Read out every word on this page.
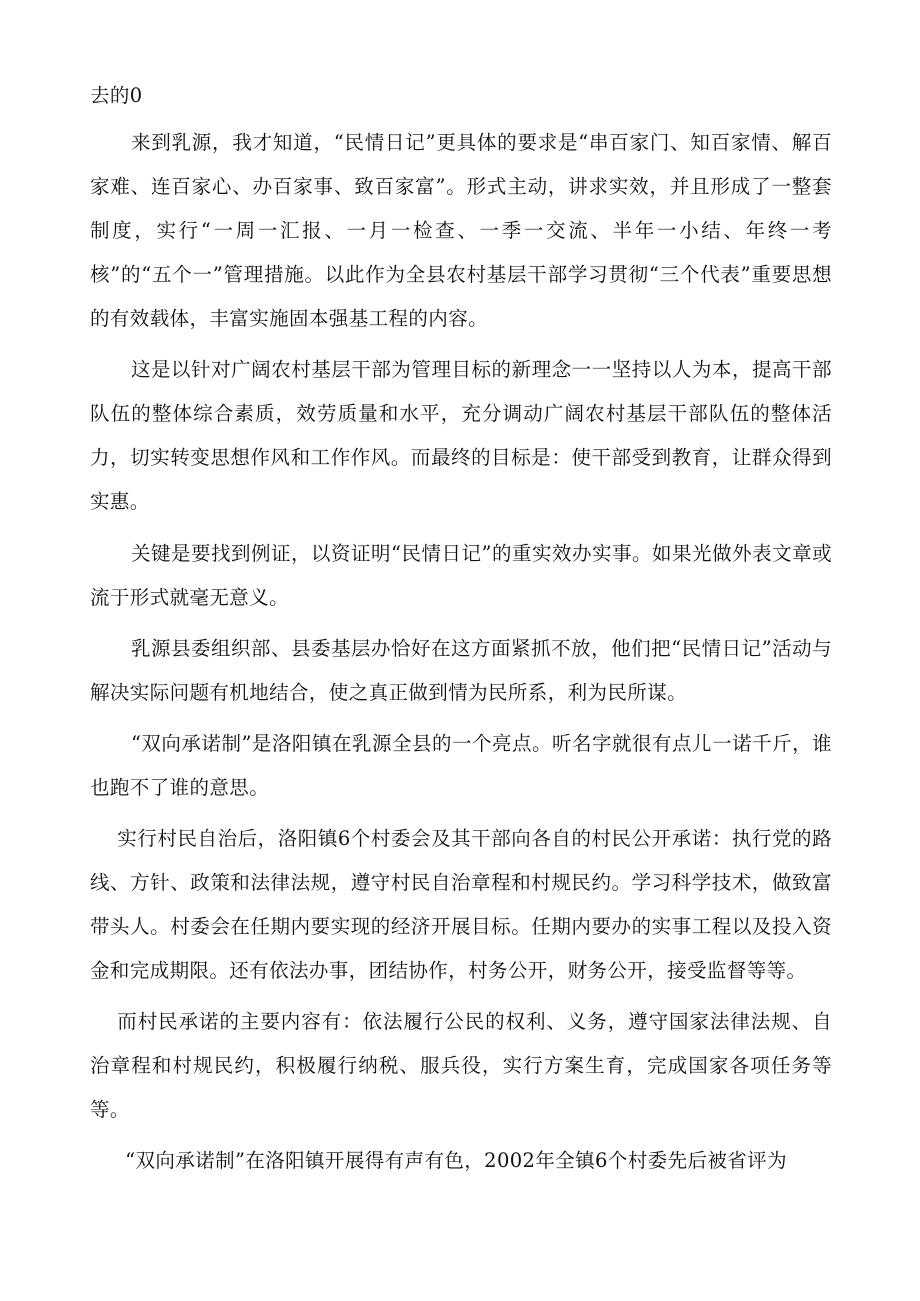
去的0

来到乳源，我才知道，“民情日记”更具体的要求是“串百家门、知百家情、解百家难、连百家心、办百家事、致百家富”。形式主动，讲求实效，并且形成了一整套制度，实行“一周一汇报、一月一检查、一季一交流、半年一小结、年终一考核”的“五个一”管理措施。以此作为全县农村基层干部学习贯彻“三个代表”重要思想的有效载体，丰富实施固本强基工程的内容。

这是以针对广阔农村基层干部为管理目标的新理念一一坚持以人为本，提高干部队伍的整体综合素质，效劳质量和水平，充分调动广阔农村基层干部队伍的整体活力，切实转变思想作风和工作作风。而最终的目标是：使干部受到教育，让群众得到实惠。

关键是要找到例证，以资证明“民情日记”的重实效办实事。如果光做外表文章或流于形式就毫无意义。

乳源县委组织部、县委基层办恰好在这方面紧抓不放，他们把“民情日记”活动与解决实际问题有机地结合，使之真正做到情为民所系，利为民所谋。

“双向承诺制”是洛阳镇在乳源全县的一个亮点。听名字就很有点儿一诺千斤，谁也跑不了谁的意思。

实行村民自治后，洛阳镇6个村委会及其干部向各自的村民公开承诺：执行党的路线、方针、政策和法律法规，遵守村民自治章程和村规民约。学习科学技术，做致富带头人。村委会在任期内要实现的经济开展目标。任期内要办的实事工程以及投入资金和完成期限。还有依法办事，团结协作，村务公开，财务公开，接受监督等等。

而村民承诺的主要内容有：依法履行公民的权利、义务，遵守国家法律法规、自治章程和村规民约，积极履行纳税、服兵役，实行方案生育，完成国家各项任务等等。

“双向承诺制”在洛阳镇开展得有声有色，2002年全镇6个村委先后被省评为
